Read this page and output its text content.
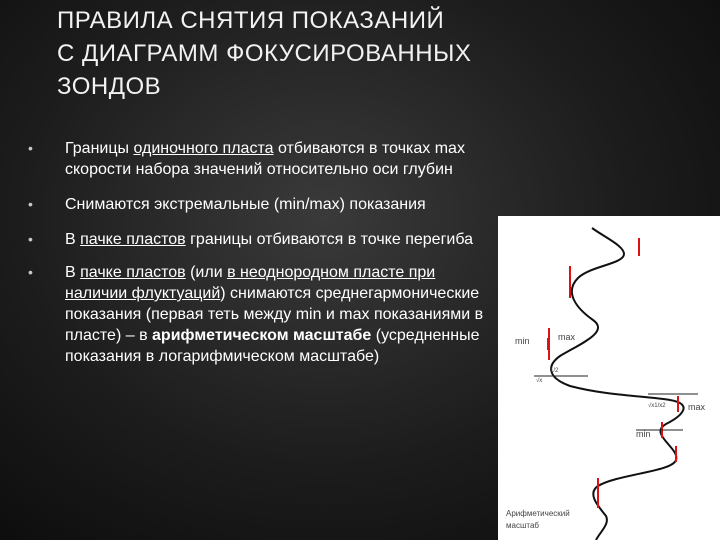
ПРАВИЛА СНЯТИЯ ПОКАЗАНИЙ
С ДИАГРАММ ФОКУСИРОВАННЫХ
ЗОНДОВ
• Границы одиночного пласта отбиваются в точках max скорости набора значений относительно оси глубин
• Снимаются экстремальные (min/max) показания
• В пачке пластов границы отбиваются в точке перегиба
• В пачке пластов (или в неоднородном пласте при наличии флуктуаций) снимаются среднегармонические показания (первая теть между min и max показаниями в пласте) – в арифметическом масштабе (усредненные показания в логарифмическом масштабе)
min	max
1/2
√x
√x1/x2 max
min
Арифметический
масштаб
